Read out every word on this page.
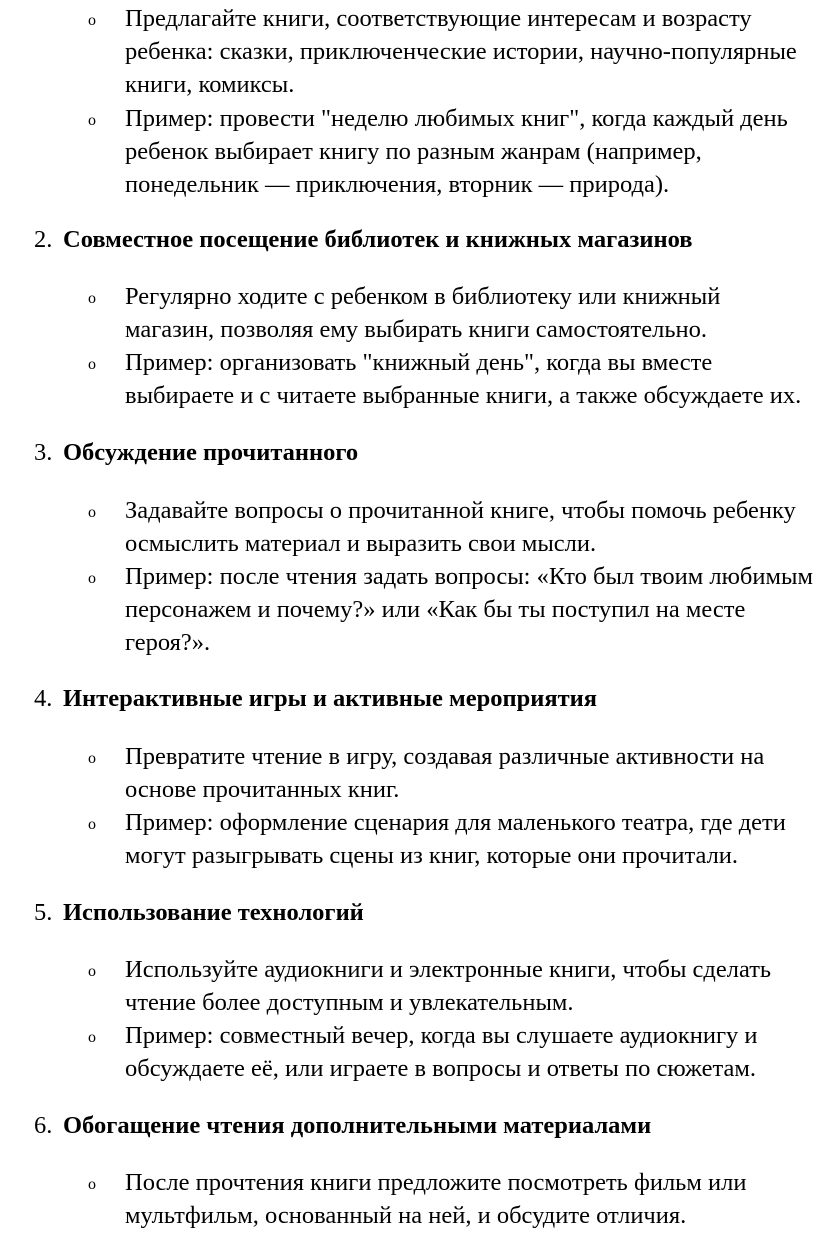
o Предлагайте книги, соответствующие интересам и возрасту ребенка: сказки, приключенческие истории, научно-популярные книги, комиксы.
o Пример: провести "неделю любимых книг", когда каждый день ребенок выбирает книгу по разным жанрам (например, понедельник — приключения, вторник — природа).
2. Совместное посещение библиотек и книжных магазинов
o Регулярно ходите с ребенком в библиотеку или книжный магазин, позволяя ему выбирать книги самостоятельно.
o Пример: организовать "книжный день", когда вы вместе выбираете и с читаете выбранные книги, а также обсуждаете их.
3. Обсуждение прочитанного
o Задавайте вопросы о прочитанной книге, чтобы помочь ребенку осмыслить материал и выразить свои мысли.
o Пример: после чтения задать вопросы: «Кто был твоим любимым персонажем и почему?» или «Как бы ты поступил на месте героя?».
4. Интерактивные игры и активные мероприятия
o Превратите чтение в игру, создавая различные активности на основе прочитанных книг.
o Пример: оформление сценария для маленького театра, где дети могут разыгрывать сцены из книг, которые они прочитали.
5. Использование технологий
o Используйте аудиокниги и электронные книги, чтобы сделать чтение более доступным и увлекательным.
o Пример: совместный вечер, когда вы слушаете аудиокнигу и обсуждаете её, или играете в вопросы и ответы по сюжетам.
6. Обогащение чтения дополнительными материалами
o После прочтения книги предложите посмотреть фильм или мультфильм, основанный на ней, и обсудите отличия.
